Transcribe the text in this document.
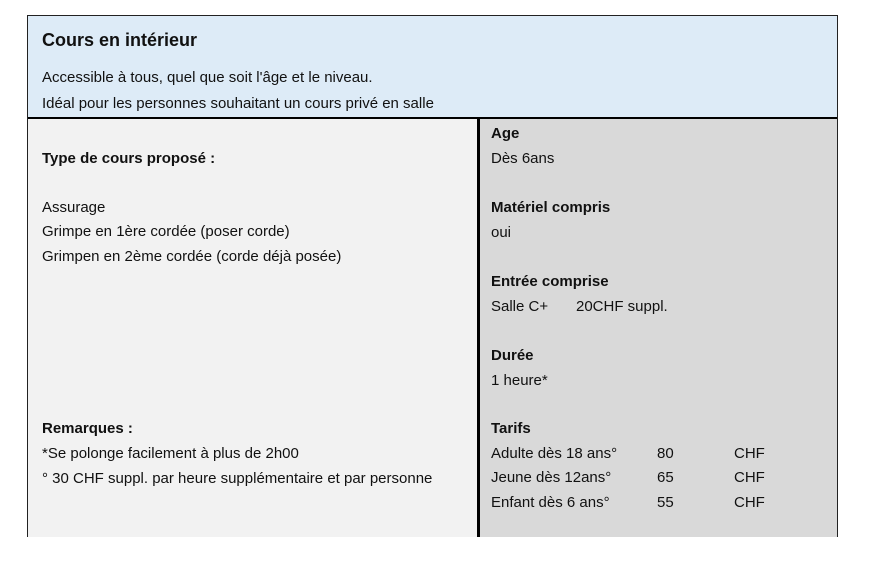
Cours en intérieur
Accessible à tous, quel que soit l'âge et le niveau.
Idéal pour les personnes souhaitant un cours privé en salle
Type de cours proposé :
Assurage
Grimpe en 1ère cordée (poser corde)
Grimpen en 2ème cordée (corde déjà posée)
Remarques :
*Se polonge facilement à plus de 2h00
° 30 CHF suppl. par heure supplémentaire et par personne
Age
Dès 6ans
Matériel compris
oui
Entrée comprise
Salle C+ 20CHF suppl.
Durée
1 heure*
Tarifs
Adulte dès 18 ans°	80	CHF
Jeune dès 12ans°	65	CHF
Enfant dès 6 ans°	55	CHF
